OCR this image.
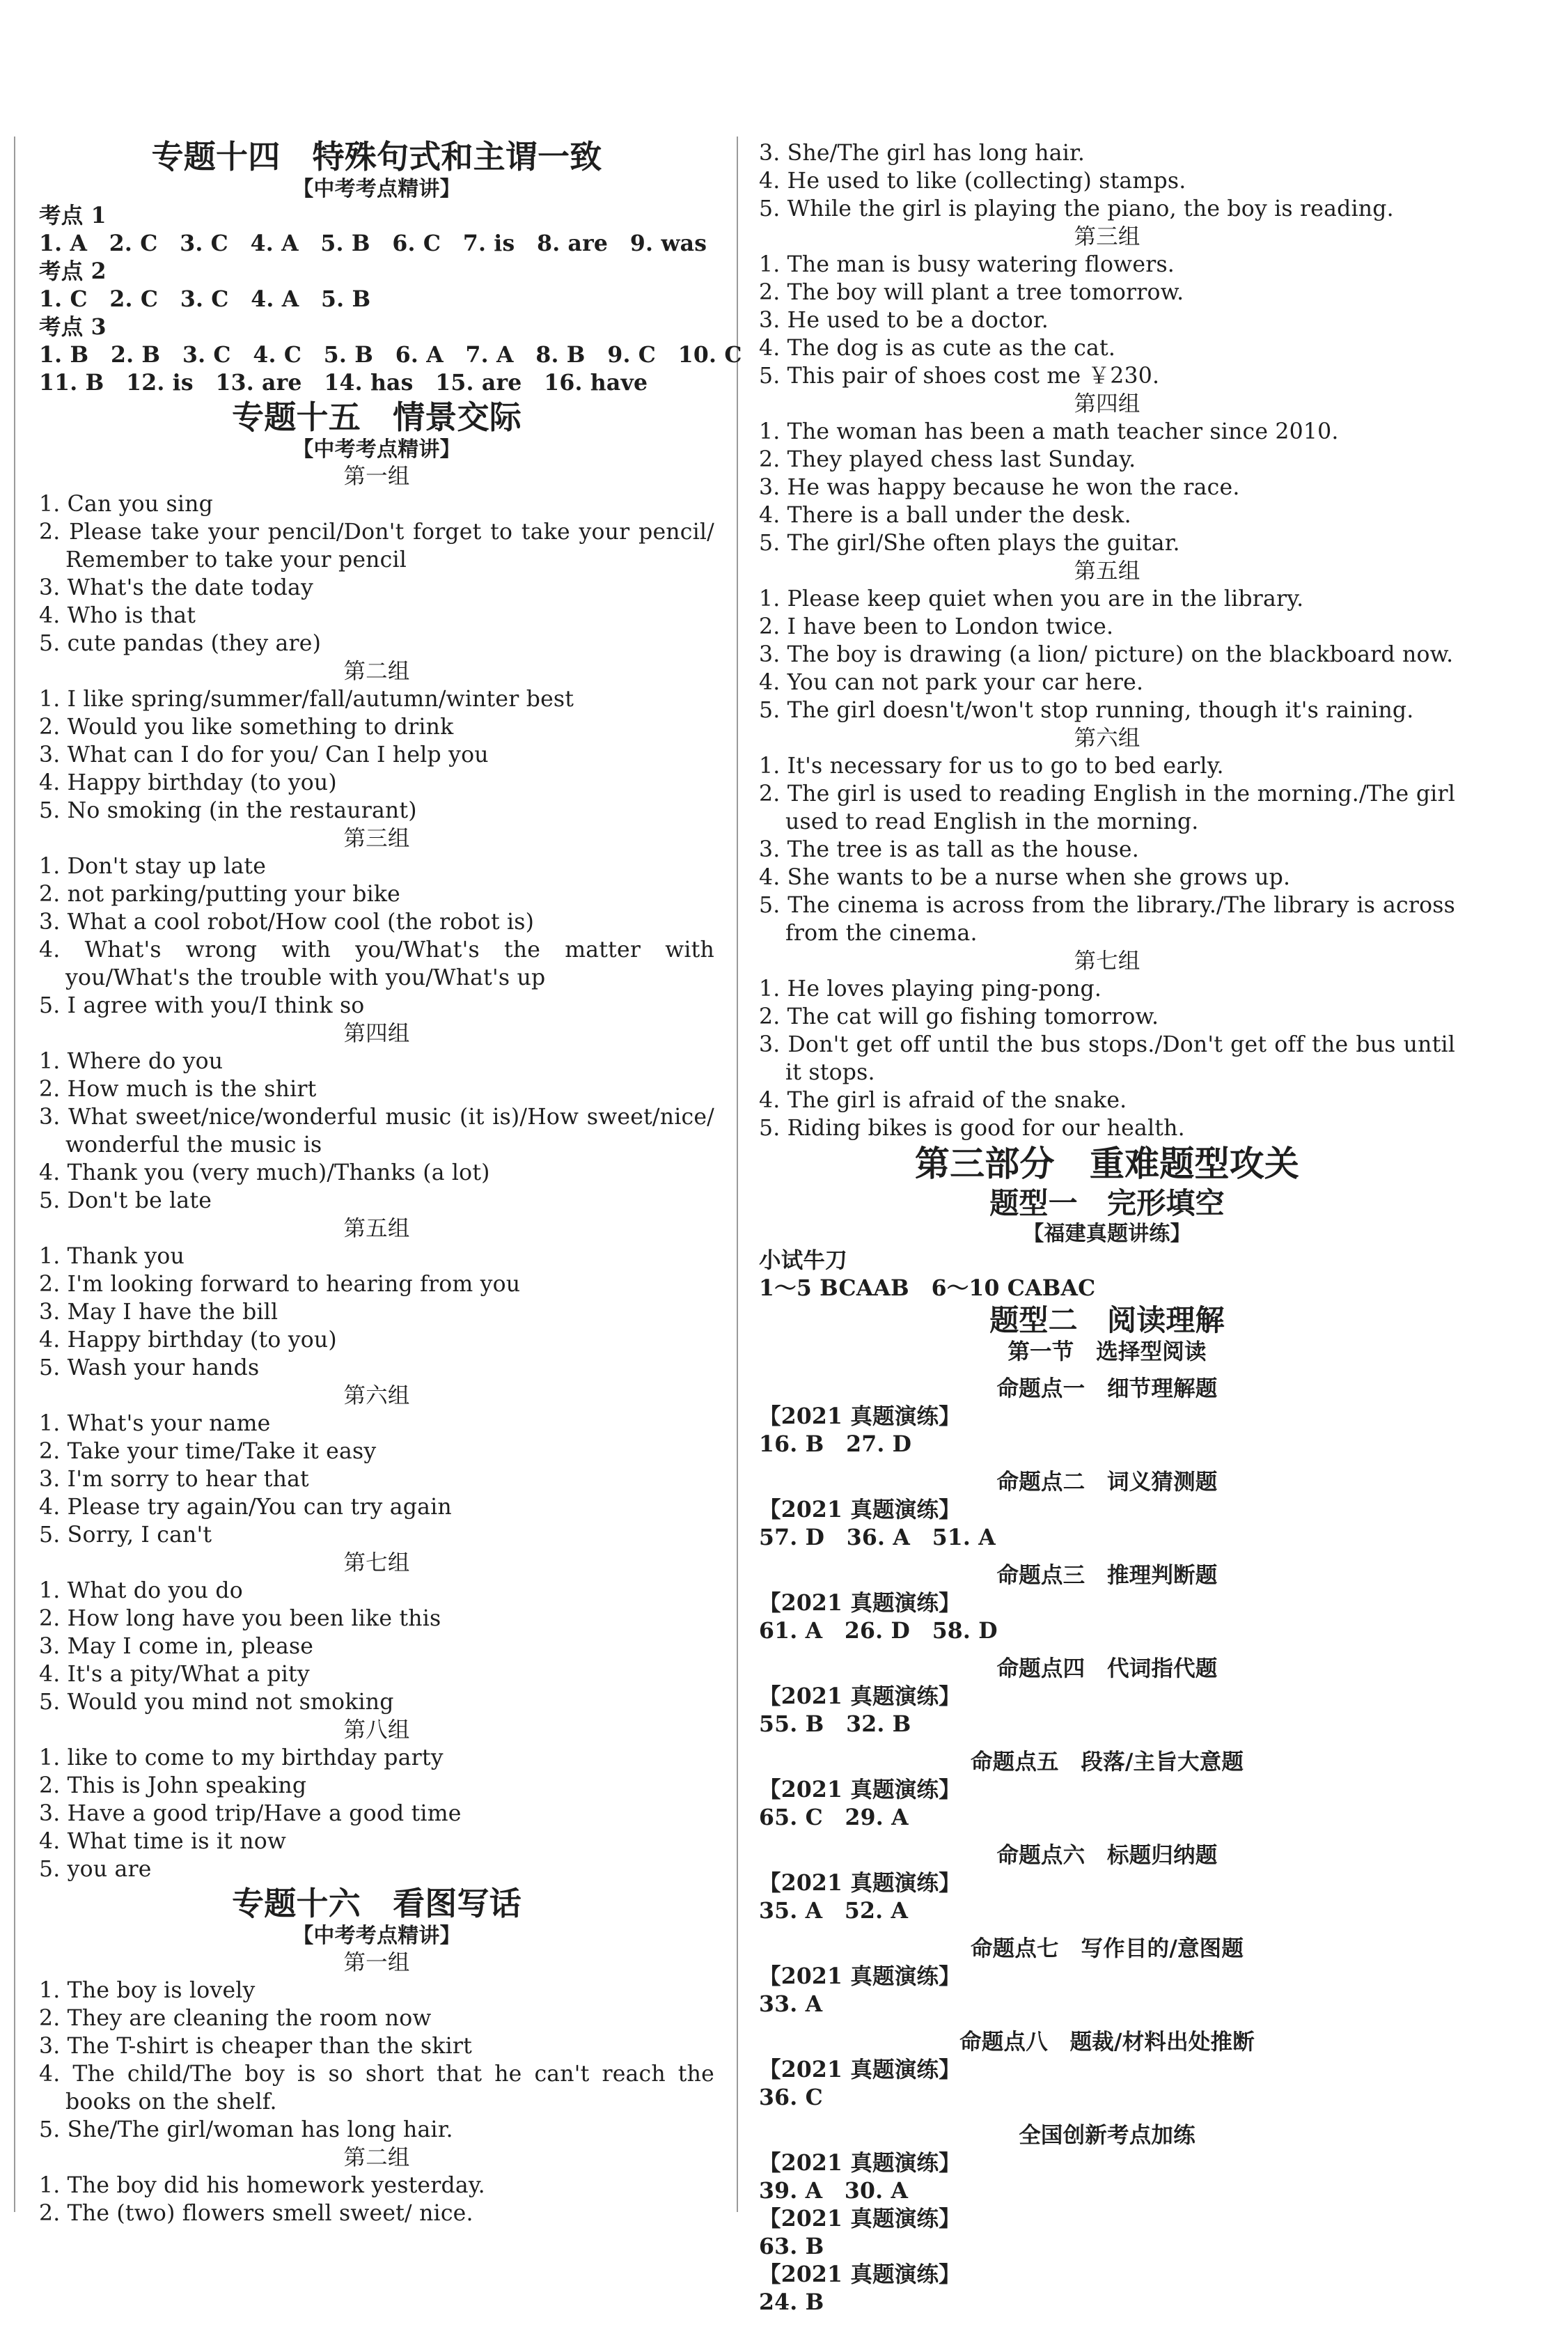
专题十四　特殊句式和主谓一致
【中考考点精讲】
考点 1
1. A　2. C　3. C　4. A　5. B　6. C　7. is　8. are　9. was
考点 2
1. C　2. C　3. C　4. A　5. B
考点 3
1. B　2. B　3. C　4. C　5. B　6. A　7. A　8. B　9. C　10. C
11. B　12. is　13. are　14. has　15. are　16. have
专题十五　情景交际
【中考考点精讲】
第一组
1. Can you sing
2. Please take your pencil/Don't forget to take your pencil/ Remember to take your pencil
3. What's the date today
4. Who is that
5. cute pandas (they are)
第二组
1. I like spring/summer/fall/autumn/winter best
2. Would you like something to drink
3. What can I do for you/ Can I help you
4. Happy birthday (to you)
5. No smoking (in the restaurant)
第三组
1. Don't stay up late
2. not parking/putting your bike
3. What a cool robot/How cool (the robot is)
4. What's wrong with you/What's the matter with you/What's the trouble with you/What's up
5. I agree with you/I think so
第四组
1. Where do you
2. How much is the shirt
3. What sweet/nice/wonderful music (it is)/How sweet/nice/ wonderful the music is
4. Thank you (very much)/Thanks (a lot)
5. Don't be late
第五组
1. Thank you
2. I'm looking forward to hearing from you
3. May I have the bill
4. Happy birthday (to you)
5. Wash your hands
第六组
1. What's your name
2. Take your time/Take it easy
3. I'm sorry to hear that
4. Please try again/You can try again
5. Sorry, I can't
第七组
1. What do you do
2. How long have you been like this
3. May I come in, please
4. It's a pity/What a pity
5. Would you mind not smoking
第八组
1. like to come to my birthday party
2. This is John speaking
3. Have a good trip/Have a good time
4. What time is it now
5. you are
专题十六　看图写话
【中考考点精讲】
第一组
1. The boy is lovely
2. They are cleaning the room now
3. The T-shirt is cheaper than the skirt
4. The child/The boy is so short that he can't reach the books on the shelf.
5. She/The girl/woman has long hair.
第二组
1. The boy did his homework yesterday.
2. The (two) flowers smell sweet/ nice.
3. She/The girl has long hair.
4. He used to like (collecting) stamps.
5. While the girl is playing the piano, the boy is reading.
第三组
1. The man is busy watering flowers.
2. The boy will plant a tree tomorrow.
3. He used to be a doctor.
4. The dog is as cute as the cat.
5. This pair of shoes cost me ￥230.
第四组
1. The woman has been a math teacher since 2010.
2. They played chess last Sunday.
3. He was happy because he won the race.
4. There is a ball under the desk.
5. The girl/She often plays the guitar.
第五组
1. Please keep quiet when you are in the library.
2. I have been to London twice.
3. The boy is drawing (a lion/ picture) on the blackboard now.
4. You can not park your car here.
5. The girl doesn't/won't stop running, though it's raining.
第六组
1. It's necessary for us to go to bed early.
2. The girl is used to reading English in the morning./The girl used to read English in the morning.
3. The tree is as tall as the house.
4. She wants to be a nurse when she grows up.
5. The cinema is across from the library./The library is across from the cinema.
第七组
1. He loves playing ping-pong.
2. The cat will go fishing tomorrow.
3. Don't get off until the bus stops./Don't get off the bus until it stops.
4. The girl is afraid of the snake.
5. Riding bikes is good for our health.
第三部分　重难题型攻关
题型一　完形填空
【福建真题讲练】
小试牛刀
1～5 BCAAB　6～10 CABAC
题型二　阅读理解
第一节　选择型阅读
命题点一　细节理解题
【2021 真题演练】
16. B　27. D
命题点二　词义猜测题
【2021 真题演练】
57. D　36. A　51. A
命题点三　推理判断题
【2021 真题演练】
61. A　26. D　58. D
命题点四　代词指代题
【2021 真题演练】
55. B　32. B
命题点五　段落/主旨大意题
【2021 真题演练】
65. C　29. A
命题点六　标题归纳题
【2021 真题演练】
35. A　52. A
命题点七　写作目的/意图题
【2021 真题演练】
33. A
命题点八　题裁/材料出处推断
【2021 真题演练】
36. C
全国创新考点加练
【2021 真题演练】
39. A　30. A
【2021 真题演练】
63. B
【2021 真题演练】
24. B
